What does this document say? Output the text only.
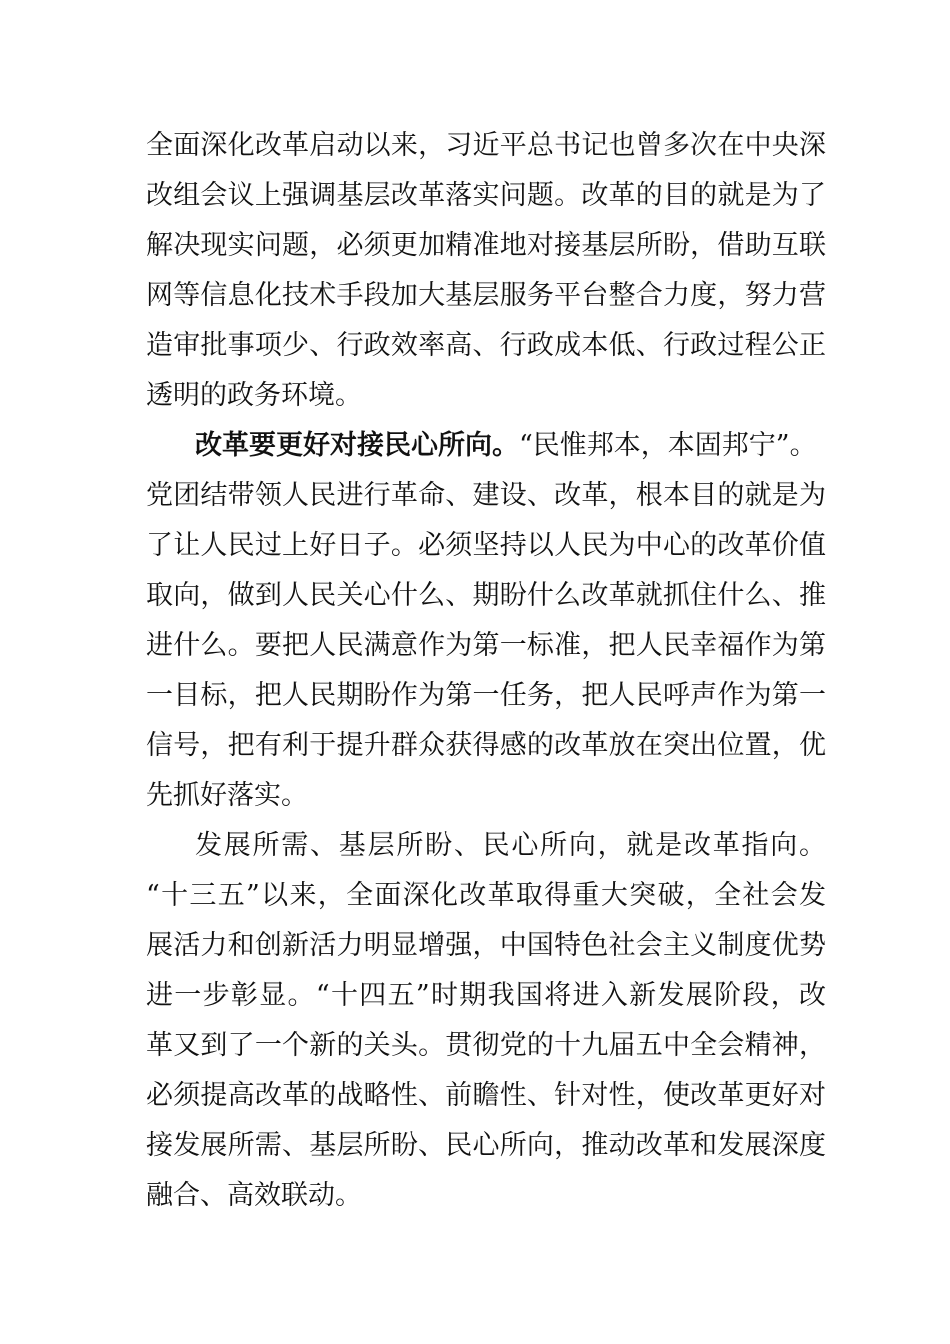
全面深化改革启动以来，习近平总书记也曾多次在中央深
改组会议上强调基层改革落实问题。改革的目的就是为了
解决现实问题，必须更加精准地对接基层所盼，借助互联
网等信息化技术手段加大基层服务平台整合力度，努力营
造审批事项少、行政效率高、行政成本低、行政过程公正
透明的政务环境。
改革要更好对接民心所向。“民惟邦本，本固邦宁”。
党团结带领人民进行革命、建设、改革，根本目的就是为
了让人民过上好日子。必须坚持以人民为中心的改革价值
取向，做到人民关心什么、期盼什么改革就抓住什么、推
进什么。要把人民满意作为第一标准，把人民幸福作为第
一目标，把人民期盼作为第一任务，把人民呼声作为第一
信号，把有利于提升群众获得感的改革放在突出位置，优
先抓好落实。
发展所需、基层所盼、民心所向，就是改革指向。
“十三五”以来，全面深化改革取得重大突破，全社会发
展活力和创新活力明显增强，中国特色社会主义制度优势
进一步彰显。“十四五”时期我国将进入新发展阶段，改
革又到了一个新的关头。贯彻党的十九届五中全会精神，
必须提高改革的战略性、前瞻性、针对性，使改革更好对
接发展所需、基层所盼、民心所向，推动改革和发展深度
融合、高效联动。
